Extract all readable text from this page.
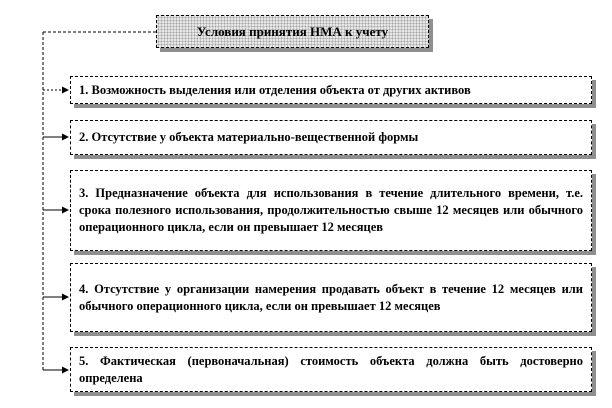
Условия принятия НМА к учету
1. Возможность выделения или отделения объекта от других активов
2. Отсутствие у объекта материально-вещественной формы
3. Предназначение объекта для использования в течение длительного времени, т.е. срока полезного использования, продолжительностью свыше 12 месяцев или обычного операционного цикла, если он превышает 12 месяцев
4. Отсутствие у организации намерения продавать объект в течение 12 месяцев или обычного операционного цикла, если он превышает 12 месяцев
5. Фактическая (первоначальная) стоимость объекта должна быть достоверно определена
